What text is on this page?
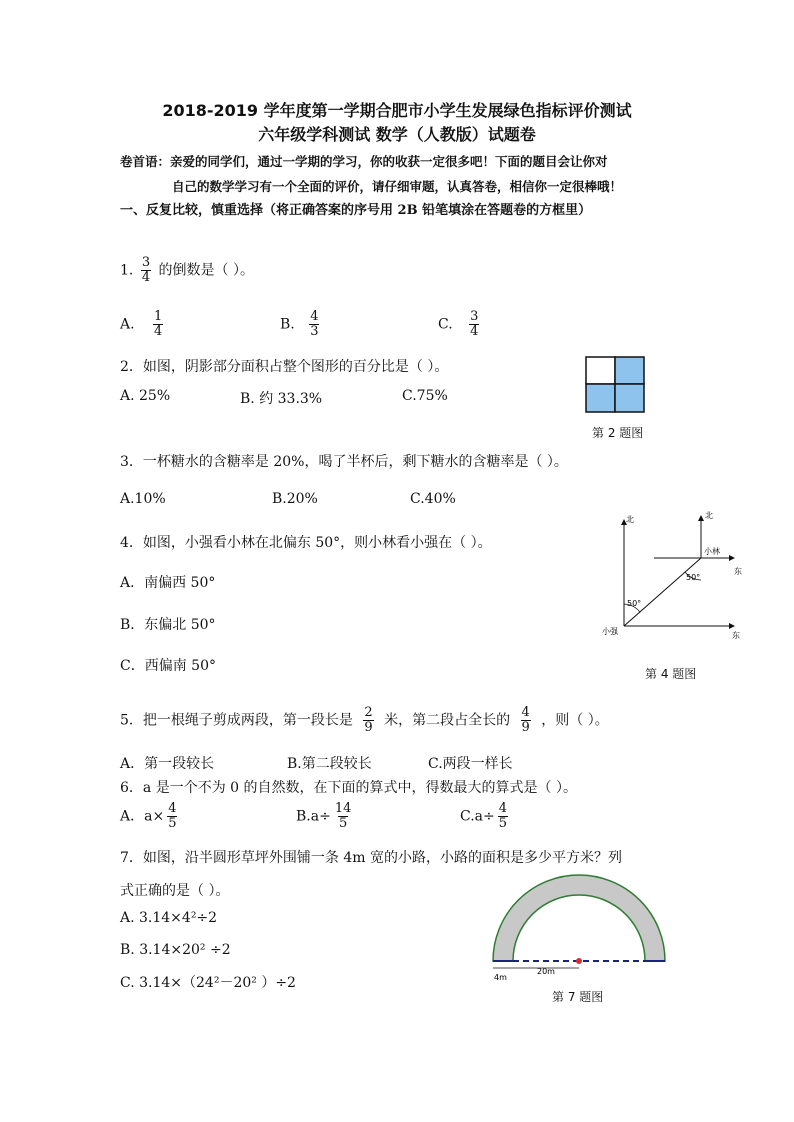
2018-2019 学年度第一学期合肥市小学生发展绿色指标评价测试
六年级学科测试 数学（人教版）试题卷
卷首语：亲爱的同学们，通过一学期的学习，你的收获一定很多吧！下面的题目会让你对
自己的数学学习有一个全面的评价，请仔细审题，认真答卷，相信你一定很棒哦！
一、反复比较，慎重选择（将正确答案的序号用 2B 铅笔填涂在答题卷的方框里）
1. $\frac{3}{4}$ 的倒数是（ ）。
A. $\frac{1}{4}$	B. $\frac{4}{3}$	C. $\frac{3}{4}$
2．如图，阴影部分面积占整个图形的百分比是（ ）。
A. 25%	B. 约 33.3%	C.75%
第 2 题图
3．一杯糖水的含糖率是 20%，喝了半杯后，剩下糖水的含糖率是（ ）。
A.10%	B.20%	C.40%
4．如图，小强看小林在北偏东 50°，则小林看小强在（ ）。
A．南偏西 50°
B．东偏北 50°
C．西偏南 50°
北	北
东
东
小林
小强
50°
50°
第 4 题图
5．把一根绳子剪成两段，第一段长是 $\frac{2}{9}$ 米，第二段占全长的 $\frac{4}{9}$ ，则（ ）。
A．第一段较长	B.第二段较长	C.两段一样长
6．a 是一个不为 0 的自然数，在下面的算式中，得数最大的算式是（ ）。
A．$a\times \frac{4}{5}$	$B.a\div \frac{14}{5}$	$C.a\div \frac{4}{5}$
7．如图，沿半圆形草坪外围铺一条 4m 宽的小路，小路的面积是多少平方米？列
式正确的是（ ）。
A. 3.14×4²÷2
B. 3.14×20² ÷2
C. 3.14×（24²－20² ）÷2	4m
20m
第 7 题图
